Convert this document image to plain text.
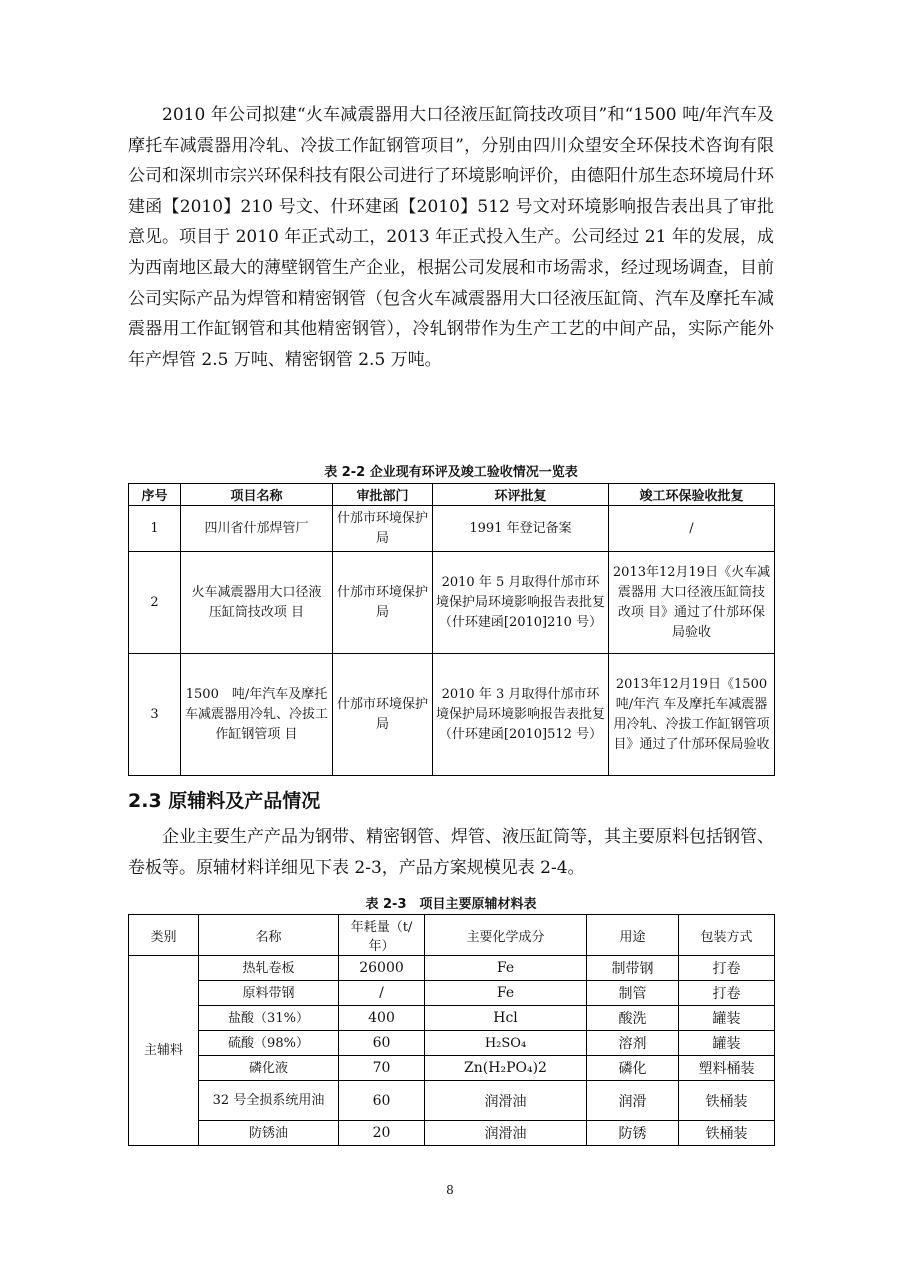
2010 年公司拟建“火车减震器用大口径液压缸筒技改项目”和“1500 吨/年汽车及摩托车减震器用冷轧、冷拔工作缸钢管项目”，分别由四川众望安全环保技术咨询有限公司和深圳市宗兴环保科技有限公司进行了环境影响评价，由德阳什邡生态环境局什环建函【2010】210 号文、什环建函【2010】512 号文对环境影响报告表出具了审批意见。项目于 2010 年正式动工，2013 年正式投入生产。公司经过 21 年的发展，成为西南地区最大的薄壁钢管生产企业，根据公司发展和市场需求，经过现场调查，目前公司实际产品为焊管和精密钢管（包含火车减震器用大口径液压缸筒、汽车及摩托车减震器用工作缸钢管和其他精密钢管），冷轧钢带作为生产工艺的中间产品，实际产能外年产焊管 2.5 万吨、精密钢管 2.5 万吨。

表 2-2 企业现有环评及竣工验收情况一览表

序号	项目名称	审批部门	环评批复	竣工环保验收批复
1	四川省什邡焊管厂	什邡市环境保护局	1991 年登记备案	/
2	火车减震器用大口径液　压缸筒技改项 目	什邡市环境保护局	2010 年 5 月取得什邡市环境保护局环境影响报告表批复（什环建函[2010]210 号）	2013年12月19日《火车减震器用 大口径液压缸筒技改项 目》通过了什邡环保局验收
3	1500　吨/年汽车及摩托车减震器用冷轧、冷拔工作缸钢管项 目	什邡市环境保护局	2010 年 3 月取得什邡市环境保护局环境影响报告表批复（什环建函[2010]512 号）	2013年12月19日《1500吨/年汽 车及摩托车减震器用冷轧、冷拔工作缸钢管项 目》通过了什邡环保局验收
2.3 原辅料及产品情况

企业主要生产产品为钢带、精密钢管、焊管、液压缸筒等，其主要原料包括钢管、卷板等。原辅材料详细见下表 2-3，产品方案规模见表 2-4。

表 2-3　项目主要原辅材料表

类别	名称	年耗量（t/年）	主要化学成分	用途	包装方式
主辅料	热轧卷板	26000	Fe	制带钢	打卷
	原料带钢	/	Fe	制管	打卷
	盐酸（31%）	400	Hcl	酸洗	罐装
	硫酸（98%）	60	H₂SO₄	溶剂	罐装
	磷化液	70	Zn(H₂PO₄)2	磷化	塑料桶装
	32 号全损系统用油	60	润滑油	润滑	铁桶装
	防锈油	20	润滑油	防锈	铁桶装

8
